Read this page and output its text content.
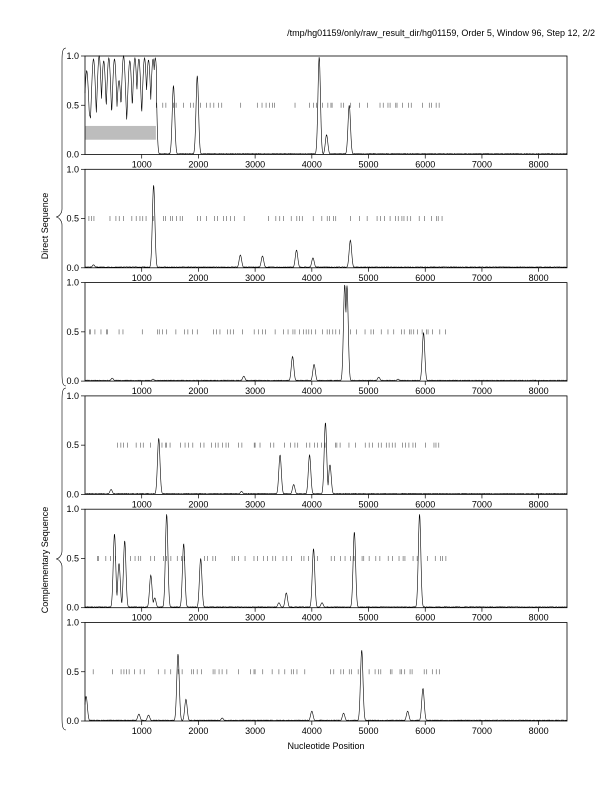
/tmp/hg01159/only/raw_result_dir/hg01159, Order 5, Window 96, Step 12, 2/2
0.0
0.5
1.0
1000	2000	3000	4000	5000	6000	7000	8000
0.0
0.5
1.0
1000	2000	3000	4000	5000	6000	7000	8000
0.0
0.5
1.0
1000	2000	3000	4000	5000	6000	7000	8000
0.0
0.5
1.0
1000	2000	3000	4000	5000	6000	7000	8000
0.0
0.5
1.0
1000	2000	3000	4000	5000	6000	7000	8000
0.0
0.5
1.0
1000	2000	3000	4000	5000	6000	7000	8000
Nucleotide Position
Direct Sequence
Complementary Sequence
